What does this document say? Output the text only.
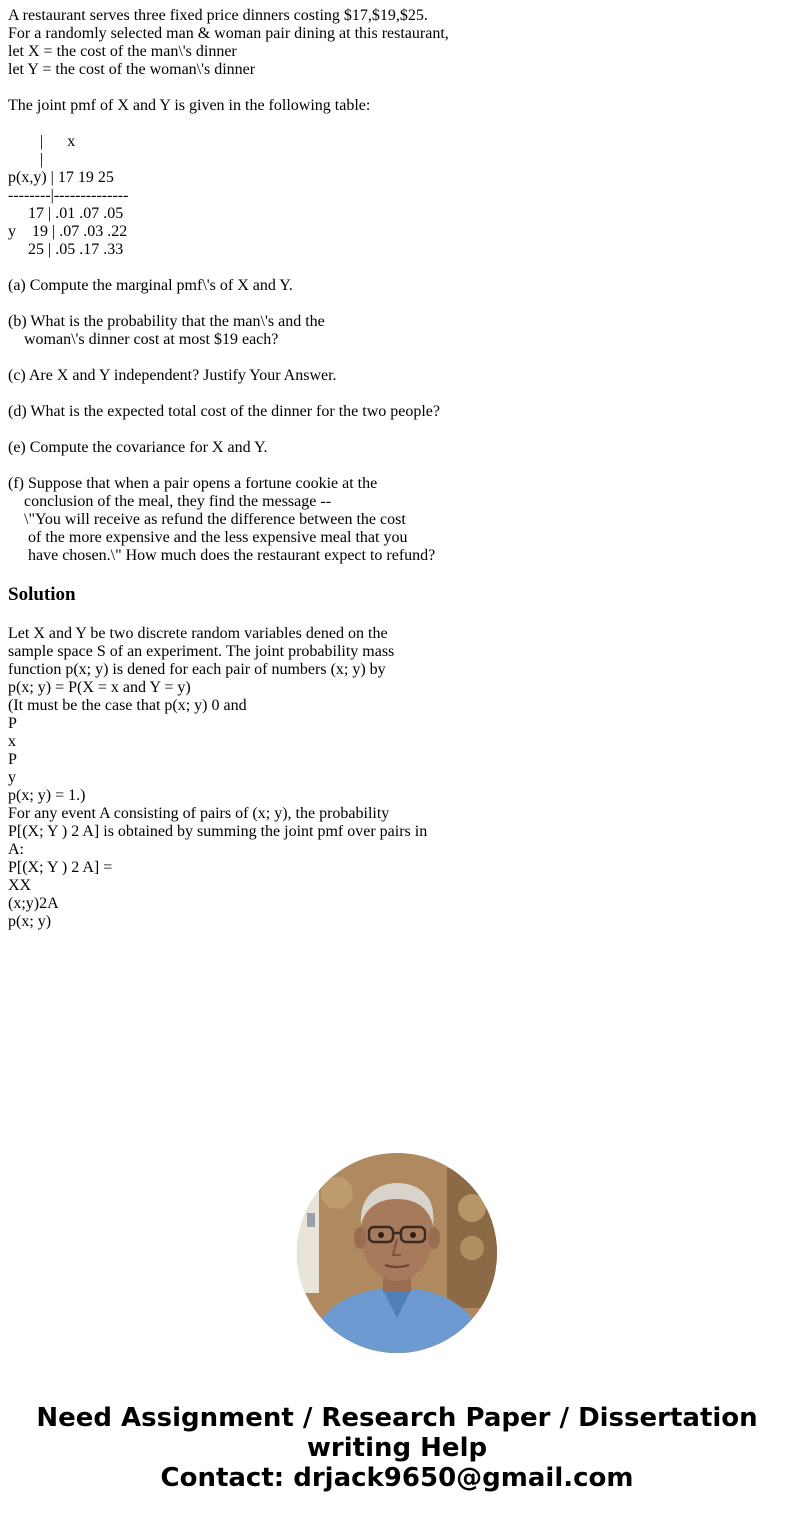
A restaurant serves three fixed price dinners costing $17,$19,$25.
For a randomly selected man & woman pair dining at this restaurant,
let X = the cost of the man\'s dinner
let Y = the cost of the woman\'s dinner

The joint pmf of X and Y is given in the following table:

|      x
|
p(x,y) | 17 19 25
--------|--------------
17 | .01 .07 .05
y    19 | .07 .03 .22
25 | .05 .17 .33

(a) Compute the marginal pmf\'s of X and Y.

(b) What is the probability that the man\'s and the
woman\'s dinner cost at most $19 each?

(c) Are X and Y independent? Justify Your Answer.

(d) What is the expected total cost of the dinner for the two people?

(e) Compute the covariance for X and Y.

(f) Suppose that when a pair opens a fortune cookie at the
conclusion of the meal, they find the message --
\"You will receive as refund the difference between the cost
of the more expensive and the less expensive meal that you
have chosen.\" How much does the restaurant expect to refund?
Solution
Let X and Y be two discrete random variables dened on the
sample space S of an experiment. The joint probability mass
function p(x; y) is dened for each pair of numbers (x; y) by
p(x; y) = P(X = x and Y = y)
(It must be the case that p(x; y) 0 and
P
x
P
y
p(x; y) = 1.)
For any event A consisting of pairs of (x; y), the probability
P[(X; Y ) 2 A] is obtained by summing the joint pmf over pairs in
A:
P[(X; Y ) 2 A] =
XX
(x;y)2A
p(x; y)
Need Assignment / Research Paper / Dissertation
writing Help
Contact: drjack9650@gmail.com
